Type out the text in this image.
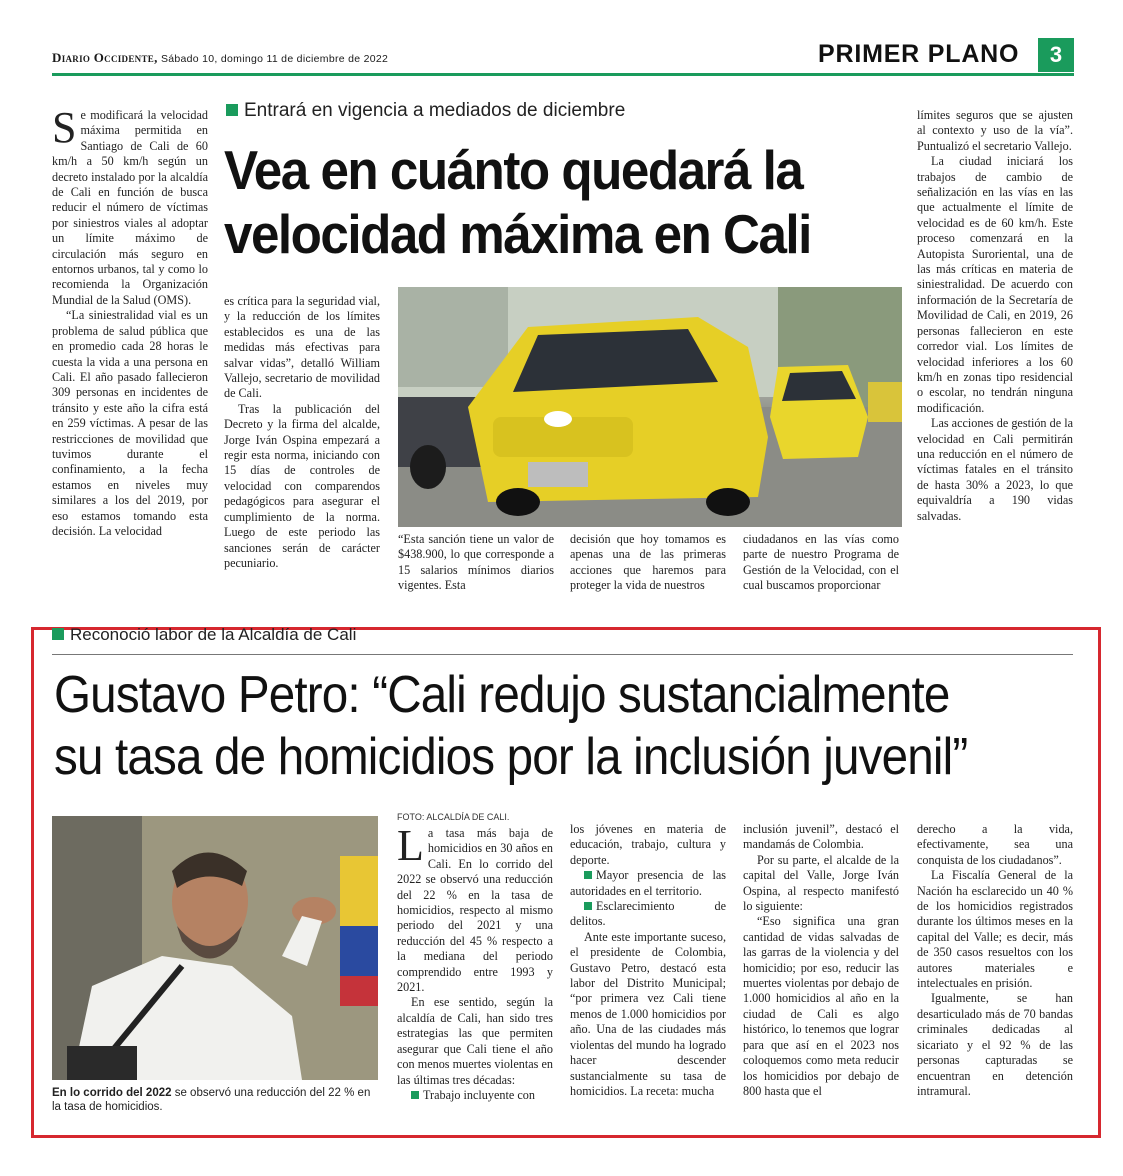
Diario Occidente, Sábado 10, domingo 11 de diciembre de 2022	PRIMER PLANO	3

Se modificará la velocidad máxima permitida en Santiago de Cali de 60 km/h a 50 km/h según un decreto instalado por la alcaldía de Cali en función de busca reducir el número de víctimas por siniestros viales al adoptar un límite máximo de circulación más seguro en entornos urbanos, tal y como lo recomienda la Organización Mundial de la Salud (OMS).

“La siniestralidad vial es un problema de salud pública que en promedio cada 28 horas le cuesta la vida a una persona en Cali. El año pasado fallecieron 309 personas en incidentes de tránsito y este año la cifra está en 259 víctimas. A pesar de las restricciones de movilidad que tuvimos durante el confinamiento, a la fecha estamos en niveles muy similares a los del 2019, por eso estamos tomando esta decisión. La velocidad

Entrará en vigencia a mediados de diciembre
Vea en cuánto quedará la
velocidad máxima en Cali

es crítica para la seguridad vial, y la reducción de los límites establecidos es una de las medidas más efectivas para salvar vidas”, detalló William Vallejo, secretario de movilidad de Cali.

Tras la publicación del Decreto y la firma del alcalde, Jorge Iván Ospina empezará a regir esta norma, iniciando con 15 días de controles de velocidad con comparendos pedagógicos para asegurar el cumplimiento de la norma. Luego de este periodo las sanciones serán de carácter pecuniario.

“Esta sanción tiene un valor de $438.900, lo que corresponde a 15 salarios mínimos diarios vigentes. Esta
decisión que hoy tomamos es apenas una de las primeras acciones que haremos para proteger la vida de nuestros
ciudadanos en las vías como parte de nuestro Programa de Gestión de la Velocidad, con el cual buscamos proporcionar

límites seguros que se ajusten al contexto y uso de la vía”. Puntualizó el secretario Vallejo.

La ciudad iniciará los trabajos de cambio de señalización en las vías en las que actualmente el límite de velocidad es de 60 km/h. Este proceso comenzará en la Autopista Suroriental, una de las más críticas en materia de siniestralidad. De acuerdo con información de la Secretaría de Movilidad de Cali, en 2019, 26 personas fallecieron en este corredor vial. Los límites de velocidad inferiores a los 60 km/h en zonas tipo residencial o escolar, no tendrán ninguna modificación.

Las acciones de gestión de la velocidad en Cali permitirán una reducción en el número de víctimas fatales en el tránsito de hasta 30% a 2023, lo que equivaldría a 190 vidas salvadas.

Reconoció labor de la Alcaldía de Cali
Gustavo Petro: “Cali redujo sustancialmente
su tasa de homicidios por la inclusión juvenil”
En lo corrido del 2022 se observó una reducción del 22 % en la tasa de homicidios.
FOTO: ALCALDÍA DE CALI.

La tasa más baja de homicidios en 30 años en Cali. En lo corrido del 2022 se observó una reducción del 22 % en la tasa de homicidios, respecto al mismo periodo del 2021 y una reducción del 45 % respecto a la mediana del periodo comprendido entre 1993 y 2021.

En ese sentido, según la alcaldía de Cali, han sido tres estrategias las que permiten asegurar que Cali tiene el año con menos muertes violentas en las últimas tres décadas:

Trabajo incluyente con

los jóvenes en materia de educación, trabajo, cultura y deporte.

Mayor presencia de las autoridades en el territorio.

Esclarecimiento de delitos.

Ante este importante suceso, el presidente de Colombia, Gustavo Petro, destacó esta labor del Distrito Municipal; “por primera vez Cali tiene menos de 1.000 homicidios por año. Una de las ciudades más violentas del mundo ha logrado hacer descender sustancialmente su tasa de homicidios. La receta: mucha

inclusión juvenil”, destacó el mandamás de Colombia.

Por su parte, el alcalde de la capital del Valle, Jorge Iván Ospina, al respecto manifestó lo siguiente:

“Eso significa una gran cantidad de vidas salvadas de las garras de la violencia y del homicidio; por eso, reducir las muertes violentas por debajo de 1.000 homicidios al año en la ciudad de Cali es algo histórico, lo tenemos que lograr para que así en el 2023 nos coloquemos como meta reducir los homicidios por debajo de 800 hasta que el

derecho a la vida, efectivamente, sea una conquista de los ciudadanos”.

La Fiscalía General de la Nación ha esclarecido un 40 % de los homicidios registrados durante los últimos meses en la capital del Valle; es decir, más de 350 casos resueltos con los autores materiales e intelectuales en prisión.

Igualmente, se han desarticulado más de 70 bandas criminales dedicadas al sicariato y el 92 % de las personas capturadas se encuentran en detención intramural.
